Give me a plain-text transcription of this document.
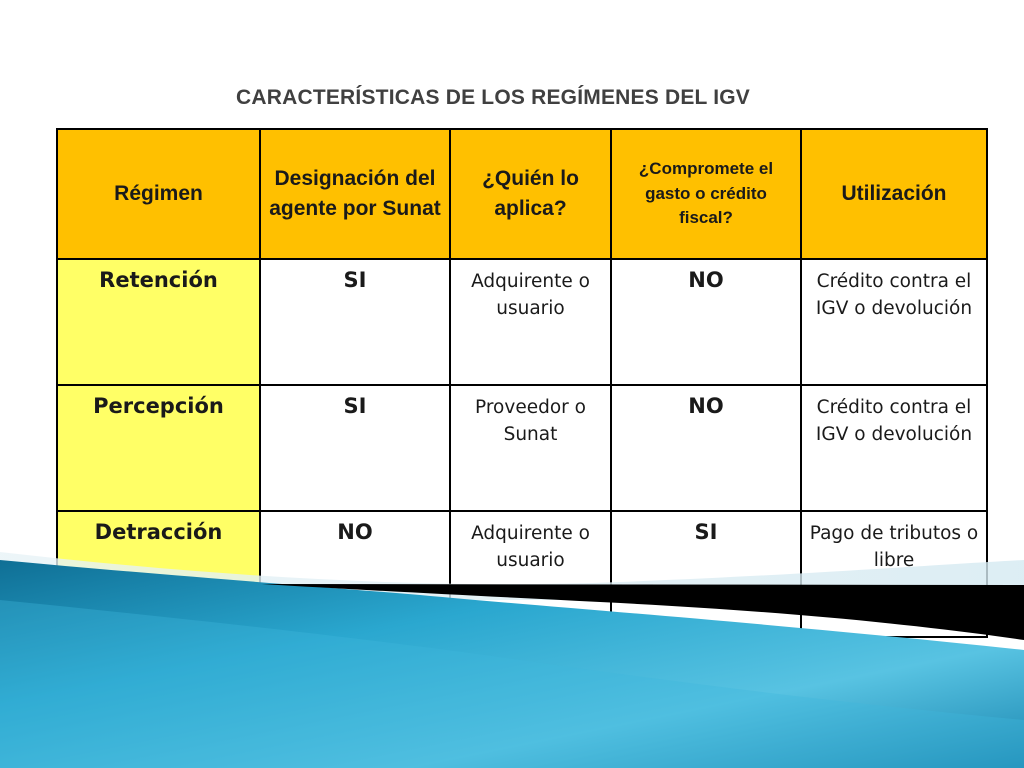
CARACTERÍSTICAS DE LOS REGÍMENES DEL IGV
Régimen	Designación del agente por Sunat	¿Quién lo aplica?	¿Compromete el gasto o crédito fiscal?	Utilización
Retención	SI	Adquirente o usuario	NO	Crédito contra el IGV o devolución
Percepción	SI	Proveedor o Sunat	NO	Crédito contra el IGV o devolución
Detracción	NO	Adquirente o usuario	SI	Pago de tributos o libre
